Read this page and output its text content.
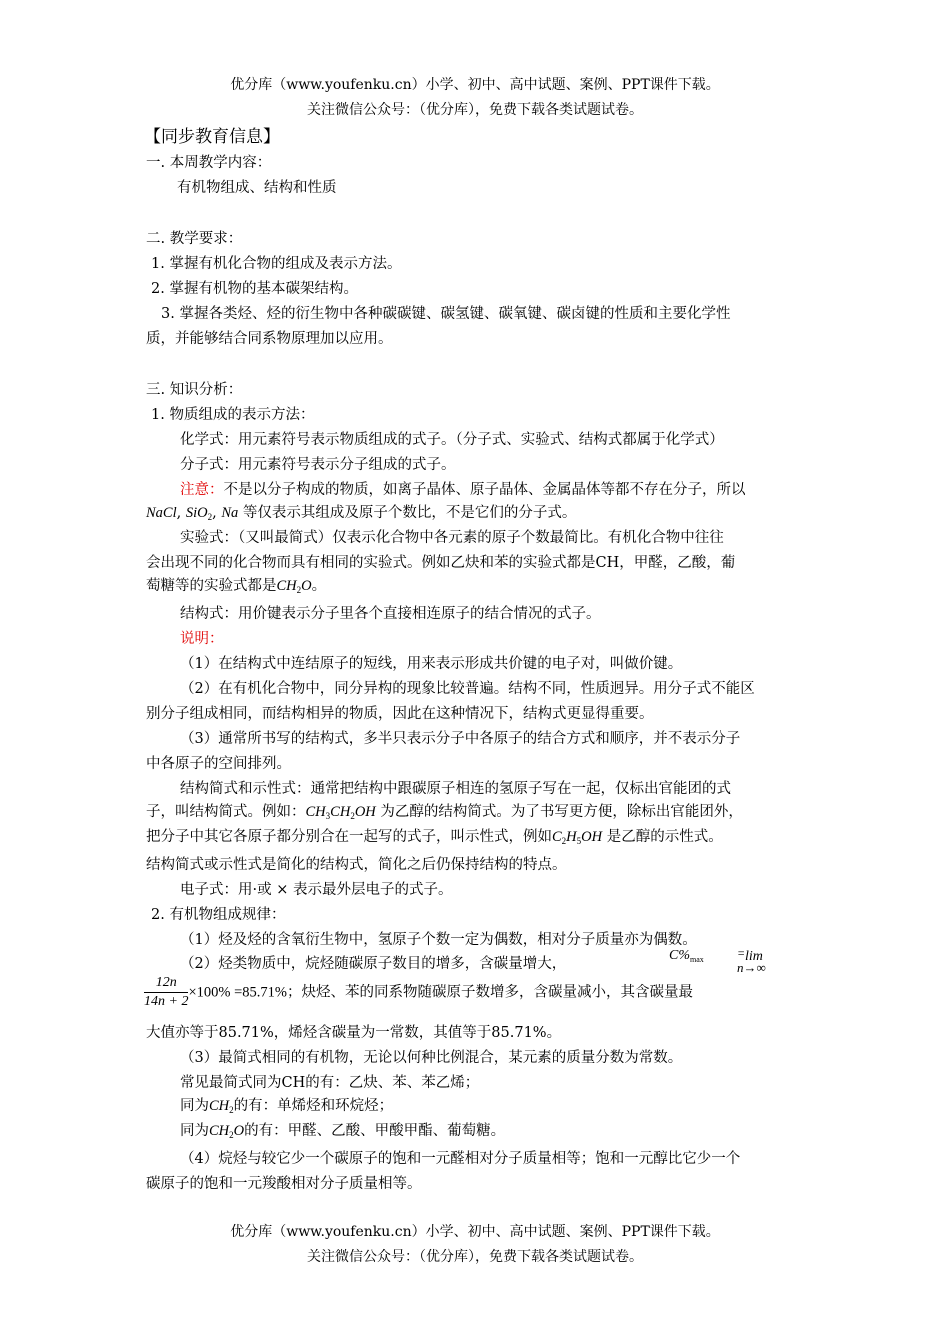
优分库（www.youfenku.cn）小学、初中、高中试题、案例、PPT课件下载。
关注微信公众号：（优分库），免费下载各类试题试卷。
【同步教育信息】
一. 本周教学内容：
有机物组成、结构和性质
二. 教学要求：
1. 掌握有机化合物的组成及表示方法。
2. 掌握有机物的基本碳架结构。
3. 掌握各类烃、烃的衍生物中各种碳碳键、碳氢键、碳氧键、碳卤键的性质和主要化学性
质，并能够结合同系物原理加以应用。
三. 知识分析：
1. 物质组成的表示方法：
化学式：用元素符号表示物质组成的式子。（分子式、实验式、结构式都属于化学式）
分子式：用元素符号表示分子组成的式子。
注意：不是以分子构成的物质，如离子晶体、原子晶体、金属晶体等都不存在分子，所以
NaCl, SiO$_2$, Na 等仅表示其组成及原子个数比，不是它们的分子式。
实验式：（又叫最简式）仅表示化合物中各元素的原子个数最简比。有机化合物中往往
会出现不同的化合物而具有相同的实验式。例如乙炔和苯的实验式都是CH，甲醛，乙酸，葡
萄糖等的实验式都是$CH_2O$。
结构式：用价键表示分子里各个直接相连原子的结合情况的式子。
说明：
（1）在结构式中连结原子的短线，用来表示形成共价键的电子对，叫做价键。
（2）在有机化合物中，同分异构的现象比较普遍。结构不同，性质迥异。用分子式不能区
别分子组成相同，而结构相异的物质，因此在这种情况下，结构式更显得重要。
（3）通常所书写的结构式，多半只表示分子中各原子的结合方式和顺序，并不表示分子
中各原子的空间排列。
结构简式和示性式：通常把结构中跟碳原子相连的氢原子写在一起，仅标出官能团的式
子，叫结构简式。例如：$CH_3CH_2OH$ 为乙醇的结构简式。为了书写更方便，除标出官能团外，
把分子中其它各原子都分别合在一起写的式子，叫示性式，例如$C_2H_5OH$ 是乙醇的示性式。
结构简式或示性式是简化的结构式，简化之后仍保持结构的特点。
电子式：用·或 × 表示最外层电子的式子。
2. 有机物组成规律：
（1）烃及烃的含氧衍生物中，氢原子个数一定为偶数，相对分子质量亦为偶数。
（2）烃类物质中，烷烃随碳原子数目的增多，含碳量增大，
$C\%_{max}$	= lim
n→∞
$\frac{12n}{14n + 2} \times 100\% =85.71\%$；炔烃、苯的同系物随碳原子数增多，含碳量减小，其含碳量最
大值亦等于85.71%，烯烃含碳量为一常数，其值等于85.71%。
（3）最简式相同的有机物，无论以何种比例混合，某元素的质量分数为常数。
常见最简式同为CH的有：乙炔、苯、苯乙烯；
同为$CH_2$的有：单烯烃和环烷烃；
同为$CH_2O$的有：甲醛、乙酸、甲酸甲酯、葡萄糖。
（4）烷烃与较它少一个碳原子的饱和一元醛相对分子质量相等；饱和一元醇比它少一个
碳原子的饱和一元羧酸相对分子质量相等。
优分库（www.youfenku.cn）小学、初中、高中试题、案例、PPT课件下载。
关注微信公众号：（优分库），免费下载各类试题试卷。
